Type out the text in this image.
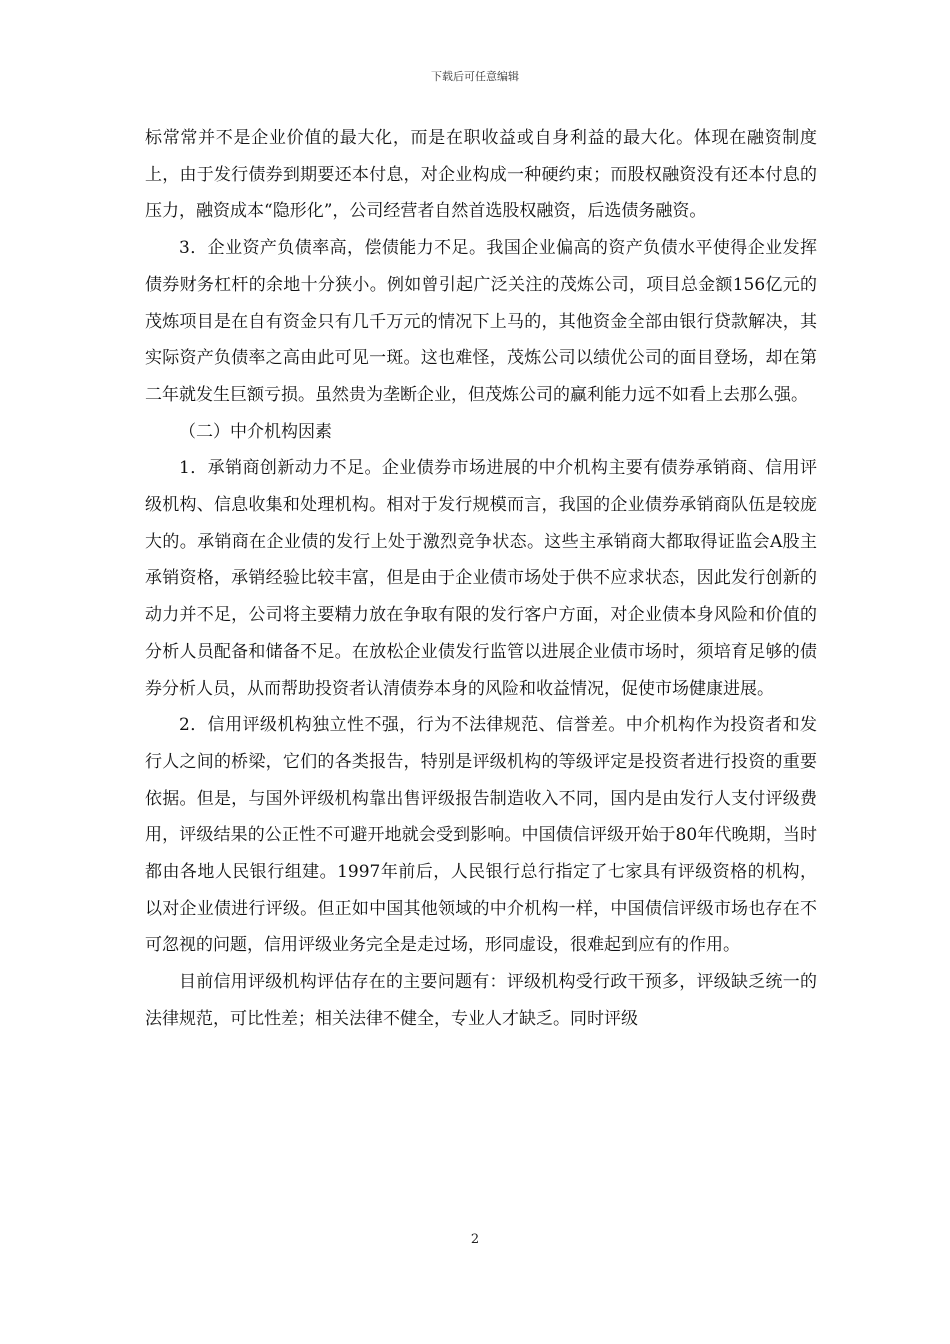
下载后可任意编辑

标常常并不是企业价值的最大化，而是在职收益或自身利益的最大化。体现在融资制度上，由于发行债券到期要还本付息，对企业构成一种硬约束；而股权融资没有还本付息的压力，融资成本“隐形化”，公司经营者自然首选股权融资，后选债务融资。

3．企业资产负债率高，偿债能力不足。我国企业偏高的资产负债水平使得企业发挥债券财务杠杆的余地十分狭小。例如曾引起广泛关注的茂炼公司，项目总金额156亿元的茂炼项目是在自有资金只有几千万元的情况下上马的，其他资金全部由银行贷款解决，其实际资产负债率之高由此可见一斑。这也难怪，茂炼公司以绩优公司的面目登场，却在第二年就发生巨额亏损。虽然贵为垄断企业，但茂炼公司的赢利能力远不如看上去那么强。

（二）中介机构因素

1．承销商创新动力不足。企业债券市场进展的中介机构主要有债券承销商、信用评级机构、信息收集和处理机构。相对于发行规模而言，我国的企业债券承销商队伍是较庞大的。承销商在企业债的发行上处于激烈竞争状态。这些主承销商大都取得证监会A股主承销资格，承销经验比较丰富，但是由于企业债市场处于供不应求状态，因此发行创新的动力并不足，公司将主要精力放在争取有限的发行客户方面，对企业债本身风险和价值的分析人员配备和储备不足。在放松企业债发行监管以进展企业债市场时，须培育足够的债券分析人员，从而帮助投资者认清债券本身的风险和收益情况，促使市场健康进展。

2．信用评级机构独立性不强，行为不法律规范、信誉差。中介机构作为投资者和发行人之间的桥梁，它们的各类报告，特别是评级机构的等级评定是投资者进行投资的重要依据。但是，与国外评级机构靠出售评级报告制造收入不同，国内是由发行人支付评级费用，评级结果的公正性不可避开地就会受到影响。中国债信评级开始于80年代晚期，当时都由各地人民银行组建。1997年前后，人民银行总行指定了七家具有评级资格的机构，以对企业债进行评级。但正如中国其他领域的中介机构一样，中国债信评级市场也存在不可忽视的问题，信用评级业务完全是走过场，形同虚设，很难起到应有的作用。

目前信用评级机构评估存在的主要问题有：评级机构受行政干预多，评级缺乏统一的法律规范，可比性差；相关法律不健全，专业人才缺乏。同时评级

2
